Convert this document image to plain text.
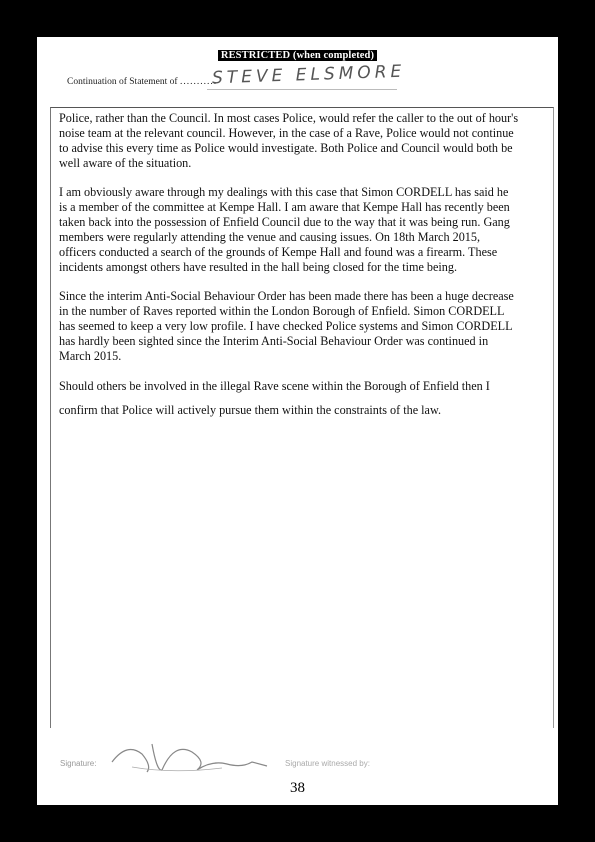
RESTRICTED (when completed)
Continuation of Statement of ...........
STEVE ELSMORE

Police, rather than the Council. In most cases Police, would refer the caller to the out of hour's noise team at the relevant council. However, in the case of a Rave, Police would not continue to advise this every time as Police would investigate. Both Police and Council would both be well aware of the situation.

I am obviously aware through my dealings with this case that Simon CORDELL has said he is a member of the committee at Kempe Hall. I am aware that Kempe Hall has recently been taken back into the possession of Enfield Council due to the way that it was being run. Gang members were regularly attending the venue and causing issues. On 18th March 2015, officers conducted a search of the grounds of Kempe Hall and found was a firearm. These incidents amongst others have resulted in the hall being closed for the time being.

Since the interim Anti-Social Behaviour Order has been made there has been a huge decrease in the number of Raves reported within the London Borough of Enfield. Simon CORDELL has seemed to keep a very low profile. I have checked Police systems and Simon CORDELL has hardly been sighted since the Interim Anti-Social Behaviour Order was continued in March 2015.

Should others be involved in the illegal Rave scene within the Borough of Enfield then I confirm that Police will actively pursue them within the constraints of the law.

Signature:	Signature witnessed by:
38
